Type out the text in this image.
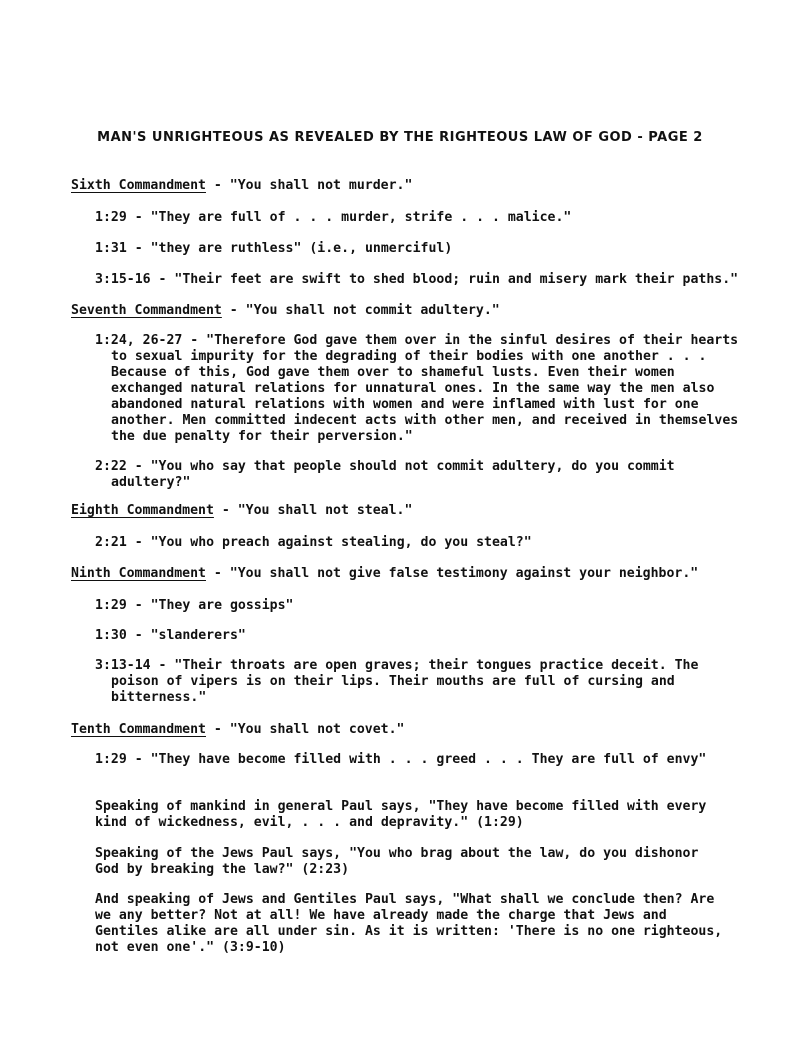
MAN'S UNRIGHTEOUS AS REVEALED BY THE RIGHTEOUS LAW OF GOD - PAGE 2
Sixth Commandment - "You shall not murder."
1:29 - "They are full of . . . murder, strife . . . malice."
1:31 - "they are ruthless" (i.e., unmerciful)
3:15-16 - "Their feet are swift to shed blood; ruin and misery mark their paths."
Seventh Commandment - "You shall not commit adultery."
1:24, 26-27 - "Therefore God gave them over in the sinful desires of their hearts to sexual impurity for the degrading of their bodies with one another . . . Because of this, God gave them over to shameful lusts. Even their women exchanged natural relations for unnatural ones. In the same way the men also abandoned natural relations with women and were inflamed with lust for one another. Men committed indecent acts with other men, and received in themselves the due penalty for their perversion."
2:22 - "You who say that people should not commit adultery, do you commit adultery?"
Eighth Commandment - "You shall not steal."
2:21 - "You who preach against stealing, do you steal?"
Ninth Commandment - "You shall not give false testimony against your neighbor."
1:29 - "They are gossips"
1:30 - "slanderers"
3:13-14 - "Their throats are open graves; their tongues practice deceit. The poison of vipers is on their lips. Their mouths are full of cursing and bitterness."
Tenth Commandment - "You shall not covet."
1:29 - "They have become filled with . . . greed . . . They are full of envy"
Speaking of mankind in general Paul says, "They have become filled with every kind of wickedness, evil, . . . and depravity." (1:29)
Speaking of the Jews Paul says, "You who brag about the law, do you dishonor God by breaking the law?" (2:23)
And speaking of Jews and Gentiles Paul says, "What shall we conclude then? Are we any better? Not at all! We have already made the charge that Jews and Gentiles alike are all under sin. As it is written: 'There is no one righteous, not even one'." (3:9-10)
